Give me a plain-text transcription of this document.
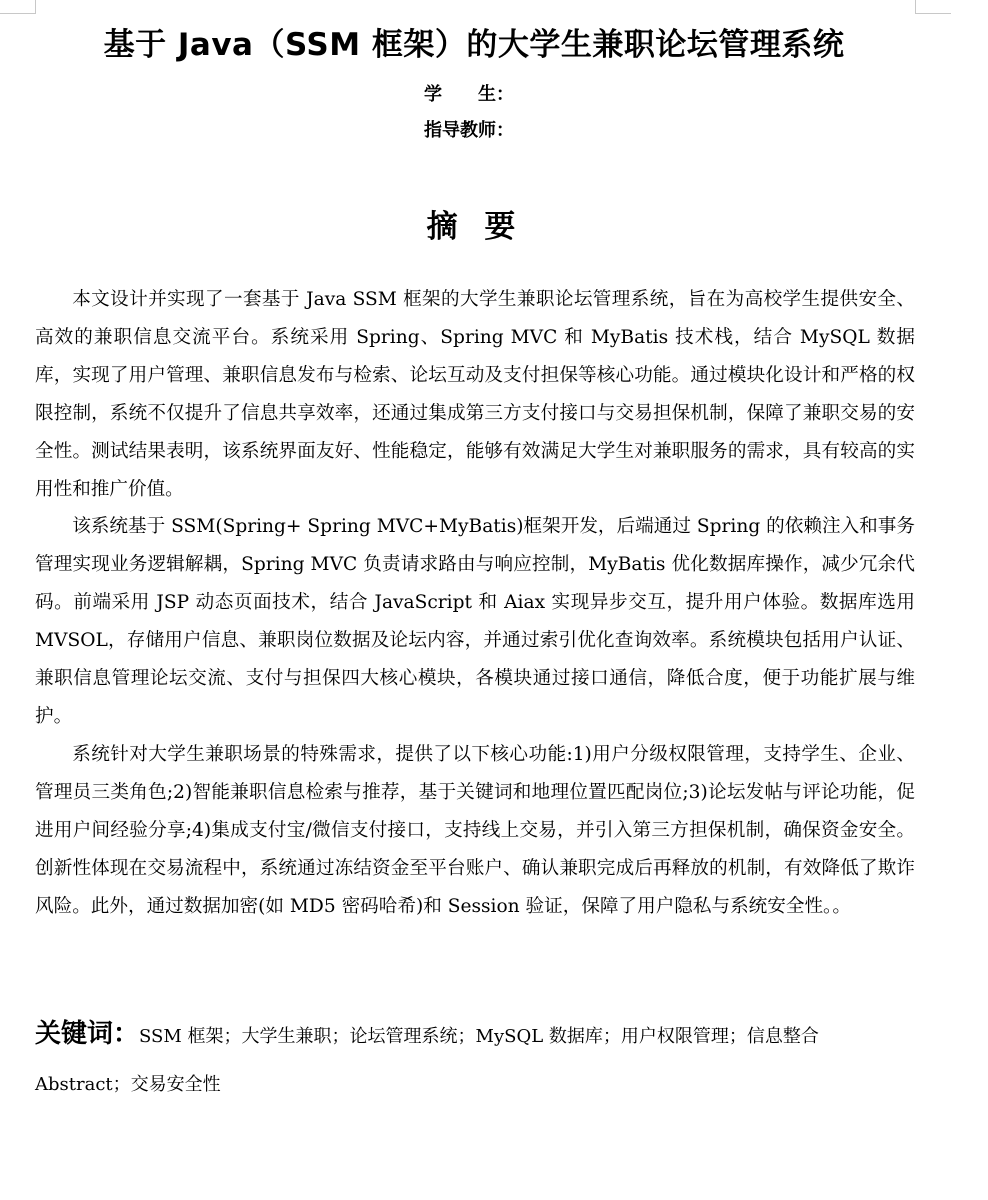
基于 Java（SSM 框架）的大学生兼职论坛管理系统
学　　生：
指导教师：
摘 要

本文设计并实现了一套基于 Java SSM 框架的大学生兼职论坛管理系统，旨在为高校学生提供安全、高效的兼职信息交流平台。系统采用 Spring、Spring MVC 和 MyBatis 技术栈，结合 MySQL 数据库，实现了用户管理、兼职信息发布与检索、论坛互动及支付担保等核心功能。通过模块化设计和严格的权限控制，系统不仅提升了信息共享效率，还通过集成第三方支付接口与交易担保机制，保障了兼职交易的安全性。测试结果表明，该系统界面友好、性能稳定，能够有效满足大学生对兼职服务的需求，具有较高的实用性和推广价值。

该系统基于 SSM(Spring+ Spring MVC+MyBatis)框架开发，后端通过 Spring 的依赖注入和事务管理实现业务逻辑解耦，Spring MVC 负责请求路由与响应控制，MyBatis 优化数据库操作，减少冗余代码。前端采用 JSP 动态页面技术，结合 JavaScript 和 Aiax 实现异步交互，提升用户体验。数据库选用 MVSOL，存储用户信息、兼职岗位数据及论坛内容，并通过索引优化查询效率。系统模块包括用户认证、兼职信息管理论坛交流、支付与担保四大核心模块，各模块通过接口通信，降低合度，便于功能扩展与维护。

系统针对大学生兼职场景的特殊需求，提供了以下核心功能:1)用户分级权限管理，支持学生、企业、管理员三类角色;2)智能兼职信息检索与推荐，基于关键词和地理位置匹配岗位;3)论坛发帖与评论功能，促进用户间经验分享;4)集成支付宝/微信支付接口，支持线上交易，并引入第三方担保机制，确保资金安全。创新性体现在交易流程中，系统通过冻结资金至平台账户、确认兼职完成后再释放的机制，有效降低了欺诈风险。此外，通过数据加密(如 MD5 密码哈希)和 Session 验证，保障了用户隐私与系统安全性。。

关键词：SSM 框架；大学生兼职；论坛管理系统；MySQL 数据库；用户权限管理；信息整合 Abstract；交易安全性
